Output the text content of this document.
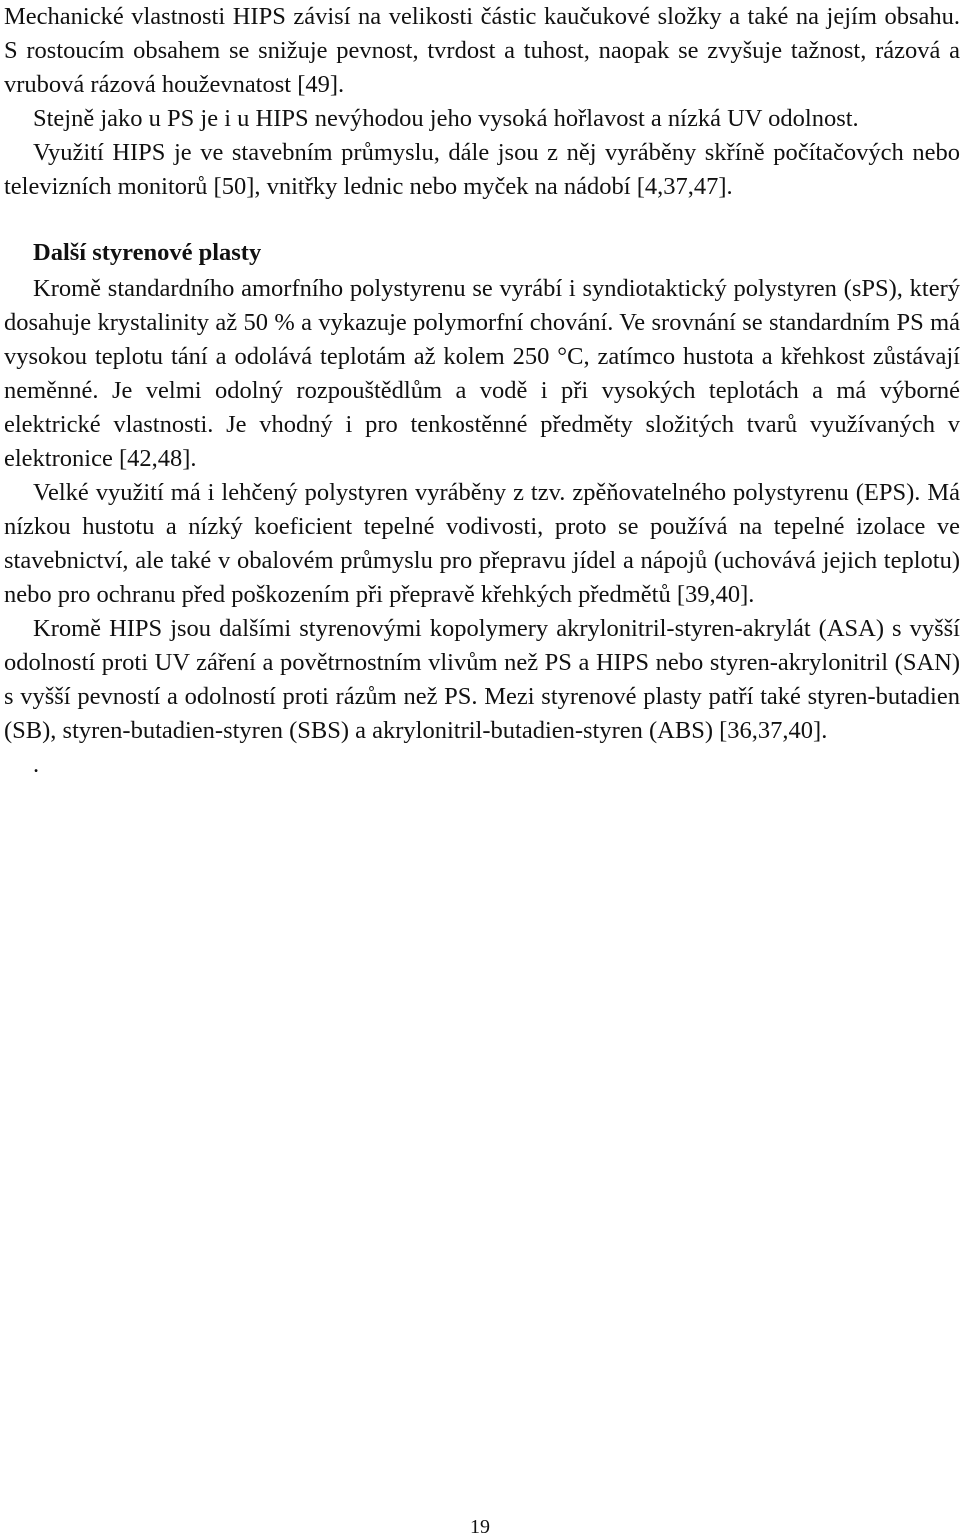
Mechanické vlastnosti HIPS závisí na velikosti částic kaučukové složky a také na jejím obsahu. S rostoucím obsahem se snižuje pevnost, tvrdost a tuhost, naopak se zvyšuje tažnost, rázová a vrubová rázová houževnatost [49].

Stejně jako u PS je i u HIPS nevýhodou jeho vysoká hořlavost a nízká UV odolnost.

Využití HIPS je ve stavebním průmyslu, dále jsou z něj vyráběny skříně počítačových nebo televizních monitorů [50], vnitřky lednic nebo myček na nádobí [4,37,47].

Další styrenové plasty

Kromě standardního amorfního polystyrenu se vyrábí i syndiotaktický polystyren (sPS), který dosahuje krystalinity až 50 % a vykazuje polymorfní chování. Ve srovnání se standardním PS má vysokou teplotu tání a odolává teplotám až kolem 250 °C, zatímco hustota a křehkost zůstávají neměnné. Je velmi odolný rozpouštědlům a vodě i při vysokých teplotách a má výborné elektrické vlastnosti. Je vhodný i pro tenkostěnné předměty složitých tvarů využívaných v elektronice [42,48].

Velké využití má i lehčený polystyren vyráběny z tzv. zpěňovatelného polystyrenu (EPS). Má nízkou hustotu a nízký koeficient tepelné vodivosti, proto se používá na tepelné izolace ve stavebnictví, ale také v obalovém průmyslu pro přepravu jídel a nápojů (uchovává jejich teplotu) nebo pro ochranu před poškozením při přepravě křehkých předmětů [39,40].

Kromě HIPS jsou dalšími styrenovými kopolymery akrylonitril-styren-akrylát (ASA) s vyšší odolností proti UV záření a povětrnostním vlivům než PS a HIPS nebo styren-akrylonitril (SAN) s vyšší pevností a odolností proti rázům než PS. Mezi styrenové plasty patří také styren-butadien (SB), styren-butadien-styren (SBS) a akrylonitril-butadien-styren (ABS) [36,37,40].

.

19
